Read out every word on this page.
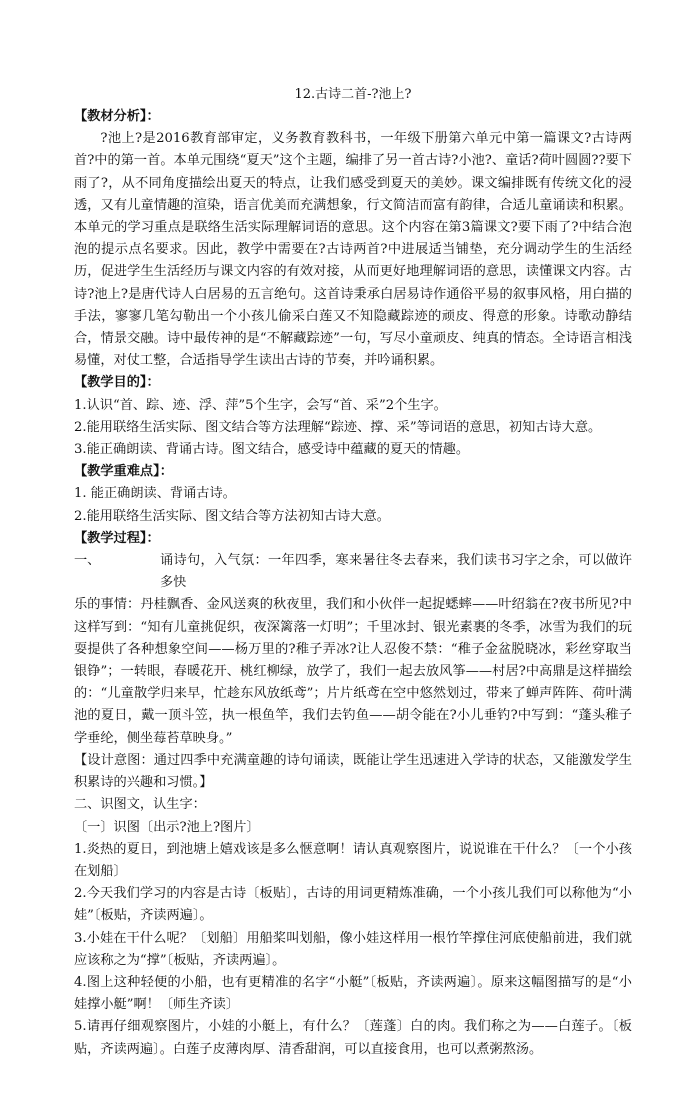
12.古诗二首-?池上?

【教材分析】：

?池上?是2016教育部审定，义务教育教科书，一年级下册第六单元中第一篇课文?古诗两首?中的第一首。本单元围绕“夏天”这个主题，编排了另一首古诗?小池?、童话?荷叶圆圆??要下雨了?，从不同角度描绘出夏天的特点，让我们感受到夏天的美妙。课文编排既有传统文化的浸透，又有儿童情趣的渲染，语言优美而充满想象，行文简洁而富有韵律，合适儿童诵读和积累。本单元的学习重点是联络生活实际理解词语的意思。这个内容在第3篇课文?要下雨了?中结合泡泡的提示点名要求。因此，教学中需要在?古诗两首?中进展适当铺垫，充分调动学生的生活经历，促进学生生活经历与课文内容的有效对接，从而更好地理解词语的意思，读懂课文内容。古诗?池上?是唐代诗人白居易的五言绝句。这首诗秉承白居易诗作通俗平易的叙事风格，用白描的手法，寥寥几笔勾勒出一个小孩儿偷采白莲又不知隐藏踪迹的顽皮、得意的形象。诗歌动静结合，情景交融。诗中最传神的是“不解藏踪迹”一句，写尽小童顽皮、纯真的情态。全诗语言相浅易懂，对仗工整，合适指导学生读出古诗的节奏，并吟诵积累。

【教学目的】：

1.认识“首、踪、迹、浮、萍”5个生字，会写“首、采”2个生字。

2.能用联络生活实际、图文结合等方法理解“踪迹、撑、采”等词语的意思，初知古诗大意。

3.能正确朗读、背诵古诗。图文结合，感受诗中蕴藏的夏天的情趣。

【教学重难点】：

1. 能正确朗读、背诵古诗。

2.能用联络生活实际、图文结合等方法初知古诗大意。

【教学过程】：

一、	诵诗句，入气氛：一年四季，寒来暑往冬去春来，我们读书习字之余，可以做许多快

乐的事情：丹桂飘香、金风送爽的秋夜里，我们和小伙伴一起捉蟋蟀——叶绍翁在?夜书所见?中这样写到：“知有儿童挑促织，夜深篱落一灯明”；千里冰封、银光素裹的冬季，冰雪为我们的玩耍提供了各种想象空间——杨万里的?稚子弄冰?让人忍俊不禁：“稚子金盆脱晓冰，彩丝穿取当银铮”；一转眼，春暖花开、桃红柳绿，放学了，我们一起去放风筝——村居?中高鼎是这样描绘的：“儿童散学归来早，忙趁东风放纸鸢”；片片纸鸢在空中悠然划过，带来了蝉声阵阵、荷叶满池的夏日，戴一顶斗笠，执一根鱼竿，我们去钓鱼——胡令能在?小儿垂钓?中写到：“蓬头稚子学垂纶，侧坐莓苔草映身。”

【设计意图：通过四季中充满童趣的诗句诵读，既能让学生迅速进入学诗的状态，又能激发学生积累诗的兴趣和习惯。】

二、识图文，认生字：

〔一〕识图〔出示?池上?图片〕

1.炎热的夏日，到池塘上嬉戏该是多么惬意啊！请认真观察图片，说说谁在干什么？〔一个小孩在划船〕

2.今天我们学习的内容是古诗〔板贴〕，古诗的用词更精炼准确，一个小孩儿我们可以称他为“小娃”〔板贴，齐读两遍〕。

3.小娃在干什么呢？〔划船〕用船桨叫划船，像小娃这样用一根竹竿撑住河底使船前进，我们就应该称之为“撑”〔板贴，齐读两遍〕。

4.图上这种轻便的小船，也有更精准的名字“小艇”〔板贴，齐读两遍〕。原来这幅图描写的是“小娃撑小艇”啊！〔师生齐读〕

5.请再仔细观察图片，小娃的小艇上，有什么？〔莲蓬〕白的肉。我们称之为——白莲子。〔板贴，齐读两遍〕。白莲子皮薄肉厚、清香甜润，可以直接食用，也可以煮粥熬汤。
